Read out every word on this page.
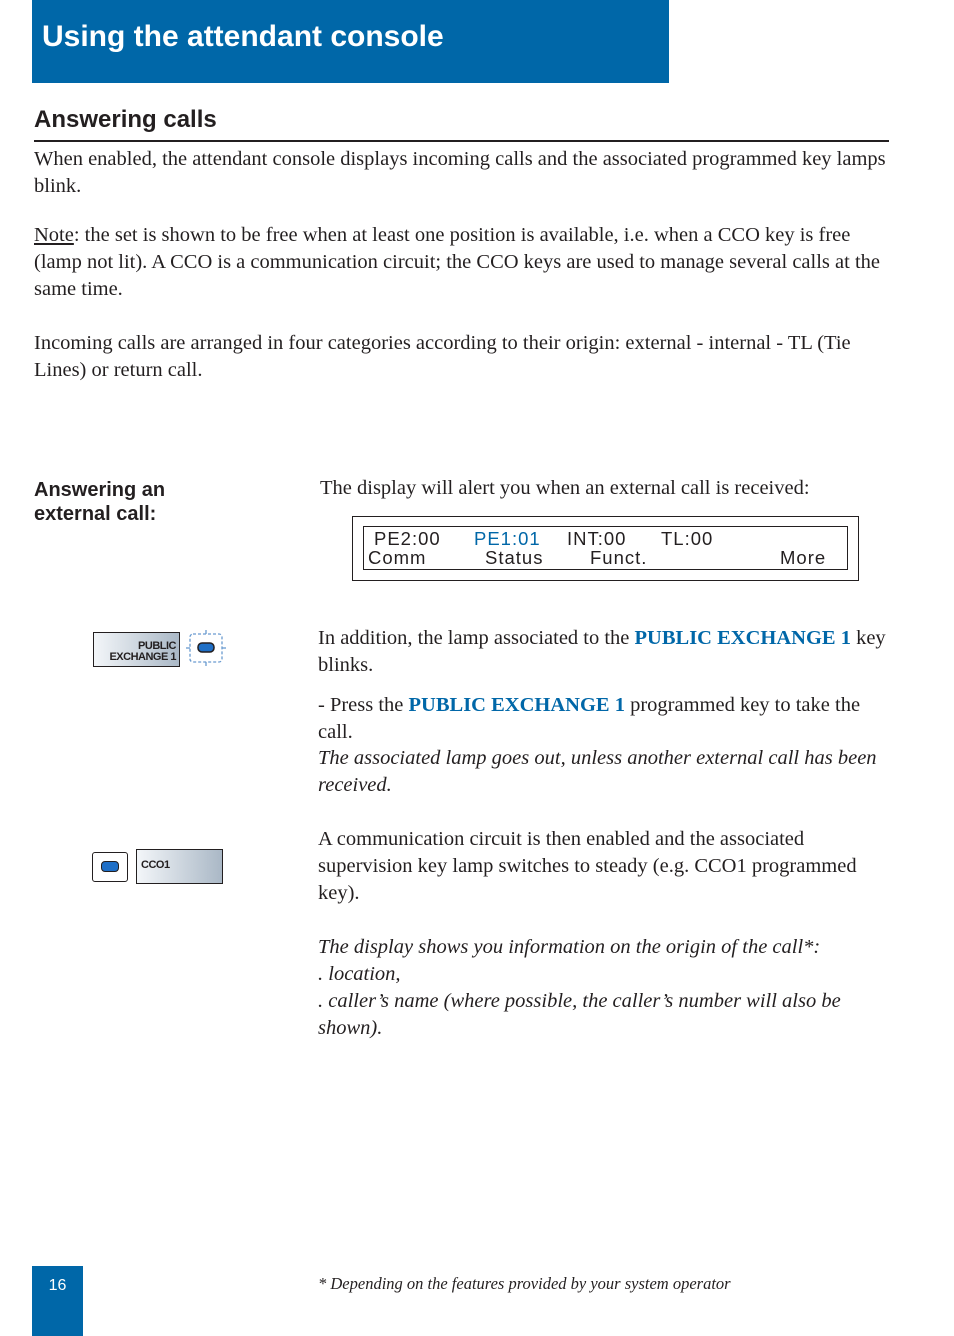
Using the attendant console
Answering calls

When enabled, the attendant console displays incoming calls and the associated programmed key lamps blink.

Note: the set is shown to be free when at least one position is available, i.e. when a CCO key is free (lamp not lit). A CCO is a communication circuit; the CCO keys are used to manage several calls at the same time.

Incoming calls are arranged in four categories according to their origin: external - internal - TL (Tie Lines) or return call.

Answering an
external call:

The display will alert you when an external call is received:

PE2:00 PE1:01 INT:00 TL:00
Comm	Status	Funct.	More
PUBLIC
EXCHANGE 1

In addition, the lamp associated to the PUBLIC EXCHANGE 1 key blinks.

- Press the PUBLIC EXCHANGE 1 programmed key to take the call.

The associated lamp goes out, unless another external call has been received.

CCO1

A communication circuit is then enabled and the associated supervision key lamp switches to steady (e.g. CCO1 programmed key).

The display shows you information on the origin of the call*:

. location,

. caller’s name (where possible, the caller’s number will also be shown).

16	* Depending on the features provided by your system operator
